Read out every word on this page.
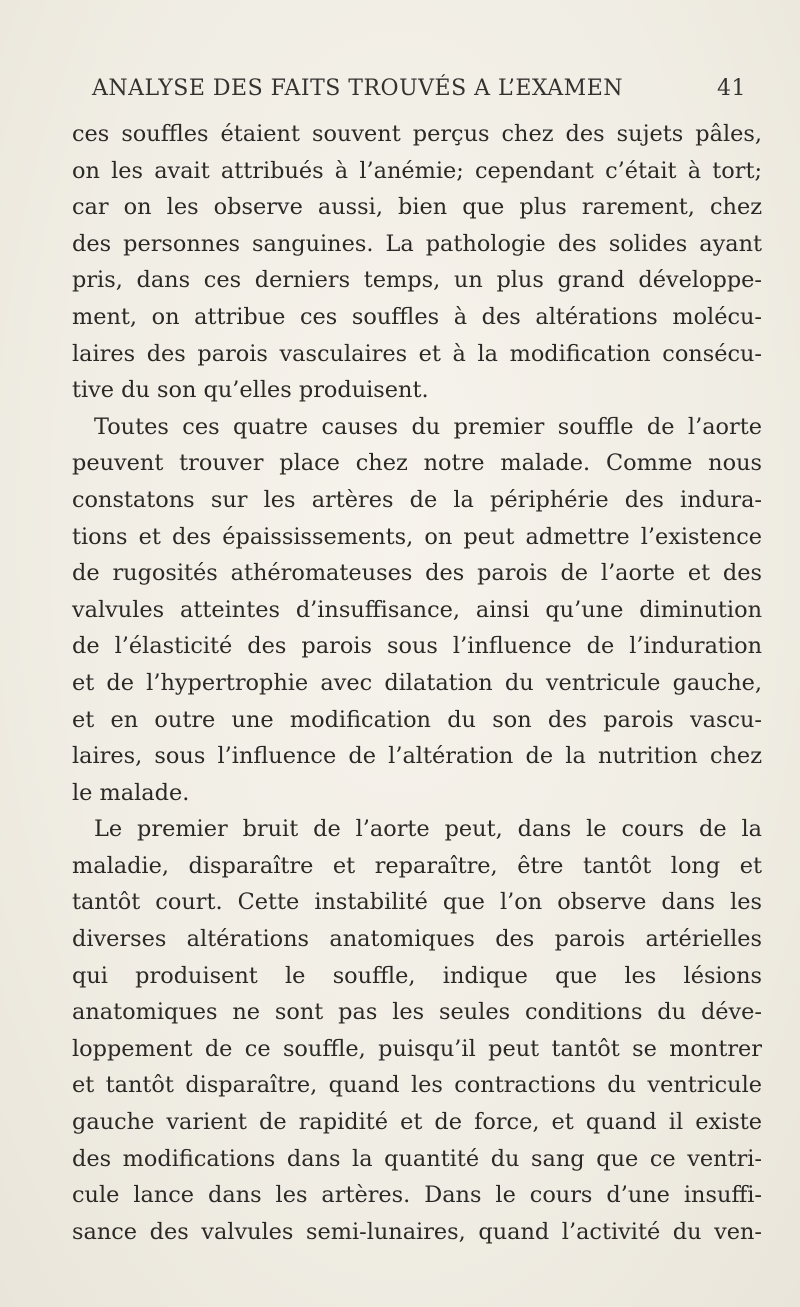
ANALYSE DES FAITS TROUVÉS A L’EXAMEN	41
ces souffles étaient souvent perçus chez des sujets pâles,
on les avait attribués à l’anémie; cependant c’était à tort;
car on les observe aussi, bien que plus rarement, chez
des personnes sanguines. La pathologie des solides ayant
pris, dans ces derniers temps, un plus grand développe-
ment, on attribue ces souffles à des altérations molécu-
laires des parois vasculaires et à la modification consécu-
tive du son qu’elles produisent.
Toutes ces quatre causes du premier souffle de l’aorte
peuvent trouver place chez notre malade. Comme nous
constatons sur les artères de la périphérie des indura-
tions et des épaississements, on peut admettre l’existence
de rugosités athéromateuses des parois de l’aorte et des
valvules atteintes d’insuffisance, ainsi qu’une diminution
de l’élasticité des parois sous l’influence de l’induration
et de l’hypertrophie avec dilatation du ventricule gauche,
et en outre une modification du son des parois vascu-
laires, sous l’influence de l’altération de la nutrition chez
le malade.
Le premier bruit de l’aorte peut, dans le cours de la
maladie, disparaître et reparaître, être tantôt long et
tantôt court. Cette instabilité que l’on observe dans les
diverses altérations anatomiques des parois artérielles
qui produisent le souffle, indique que les lésions
anatomiques ne sont pas les seules conditions du déve-
loppement de ce souffle, puisqu’il peut tantôt se montrer
et tantôt disparaître, quand les contractions du ventricule
gauche varient de rapidité et de force, et quand il existe
des modifications dans la quantité du sang que ce ventri-
cule lance dans les artères. Dans le cours d’une insuffi-
sance des valvules semi-lunaires, quand l’activité du ven-
